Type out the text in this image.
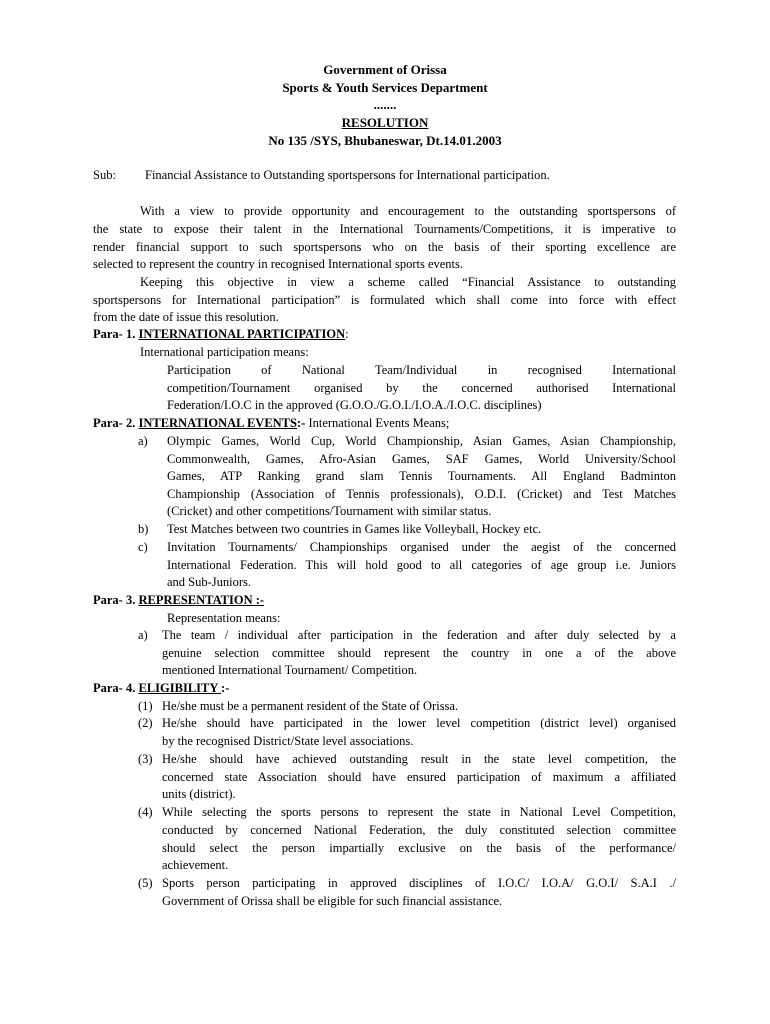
Government of Orissa
Sports & Youth Services Department
.......
RESOLUTION
No 135 /SYS, Bhubaneswar, Dt.14.01.2003
Sub: Financial Assistance to Outstanding sportspersons for International participation.
With a view to provide opportunity and encouragement to the outstanding sportspersons of
the state to expose their talent in the International Tournaments/Competitions, it is imperative to
render financial support to such sportspersons who on the basis of their sporting excellence are
selected to represent the country in recognised International sports events.
Keeping this objective in view a scheme called “Financial Assistance to outstanding
sportspersons for International participation” is formulated which shall come into force with effect
from the date of issue this resolution.
Para- 1. INTERNATIONAL PARTICIPATION:
International participation means:
Participation of National Team/Individual in recognised International
competition/Tournament organised by the concerned authorised International
Federation/I.O.C in the approved (G.O.O./G.O.I./I.O.A./I.O.C. disciplines)
Para- 2. INTERNATIONAL EVENTS:- International Events Means;
a) Olympic Games, World Cup, World Championship, Asian Games, Asian Championship,
Commonwealth, Games, Afro-Asian Games, SAF Games, World University/School
Games, ATP Ranking grand slam Tennis Tournaments. All England Badminton
Championship (Association of Tennis professionals), O.D.I. (Cricket) and Test Matches
(Cricket) and other competitions/Tournament with similar status.
b) Test Matches between two countries in Games like Volleyball, Hockey etc.
c) Invitation Tournaments/ Championships organised under the aegist of the concerned
International Federation. This will hold good to all categories of age group i.e. Juniors
and Sub-Juniors.
Para- 3. REPRESENTATION :-
Representation means:
a) The team / individual after participation in the federation and after duly selected by a
genuine selection committee should represent the country in one a of the above
mentioned International Tournament/ Competition.
Para- 4. ELIGIBILITY :-
(1) He/she must be a permanent resident of the State of Orissa.
(2) He/she should have participated in the lower level competition (district level) organised
by the recognised District/State level associations.
(3) He/she should have achieved outstanding result in the state level competition, the
concerned state Association should have ensured participation of maximum a affiliated
units (district).
(4) While selecting the sports persons to represent the state in National Level Competition,
conducted by concerned National Federation, the duly constituted selection committee
should select the person impartially exclusive on the basis of the performance/
achievement.
(5) Sports person participating in approved disciplines of I.O.C/ I.O.A/ G.O.I/ S.A.I ./
Government of Orissa shall be eligible for such financial assistance.
